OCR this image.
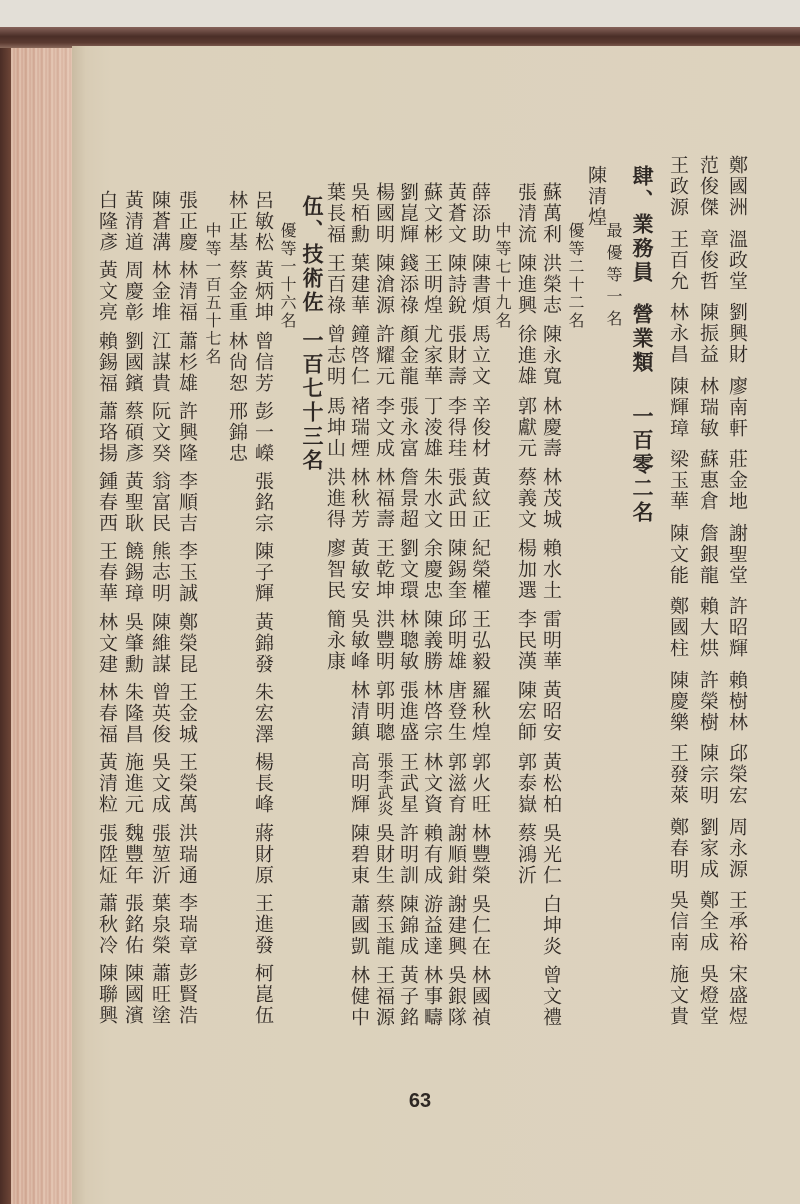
鄭國洲
溫政堂
劉興財
廖南軒
莊金地
謝聖堂
許昭輝
賴樹林
邱榮宏
周永源
王承裕
宋盛煜
范俊傑
章俊哲
陳振益
林瑞敏
蘇惠倉
詹銀龍
賴大烘
許榮樹
陳宗明
劉家成
鄭全成
吳燈堂
王政源
王百允
林永昌
陳輝璋
梁玉華
陳文能
鄭國柱
陳慶樂
王發萊
鄭春明
吳信南
施文貴
肆、業務員
營業類
一百零二名
最優等一名
陳清煌
優等二十二名
蘇萬利
洪榮志
陳永寬
林慶壽
林茂城
賴水土
雷明華
黃昭安
黃松柏
吳光仁
白坤炎
曾文禮
張清流
陳進興
徐進雄
郭獻元
蔡義文
楊加選
李民漢
陳宏師
郭泰嶽
蔡鴻沂
中等七十九名
薛添助
陳書煩
馬立文
辛俊材
黃紋正
紀榮權
王弘毅
羅秋煌
郭火旺
林豐榮
吳仁在
林國禎
黃蒼文
陳詩銳
張財壽
李得珪
張武田
陳錫奎
邱明雄
唐登生
郭滋育
謝順鉗
謝建興
吳銀隊
蘇文彬
王明煌
尤家華
丁淩雄
朱水文
余慶忠
陳義勝
林啓宗
林文資
賴有成
游益達
林事疇
劉崑輝
錢添祿
顏金龍
張永富
詹景超
劉文環
林聰敏
張進盛
王武星
許明訓
陳錦成
黃子銘
楊國明
陳滄源
許耀元
李文成
林福壽
王乾坤
洪豐明
郭明聰
張李武炎
吳財生
蔡玉龍
王福源
吳栢勳
葉建華
鐘啓仁
褚瑞煙
林秋芳
黃敏安
吳敏峰
林清鎮
高明輝
陳碧東
蕭國凱
林健中
葉長福
王百祿
曾志明
馬坤山
洪進得
廖智民
簡永康
伍、技術佐
一百七十三名
優等一十六名
呂敏松
黃炳坤
曾信芳
彭一嶸
張銘宗
陳子輝
黃錦發
朱宏澤
楊長峰
蔣財原
王進發
柯崑伍
林正基
蔡金重
林尙恕
邢錦忠
中等一百五十七名
張正慶
林清福
蕭杉雄
許興隆
李順吉
李玉誠
鄭榮昆
王金城
王榮萬
洪瑞通
李瑞章
彭賢浩
陳蒼溝
林金堆
江謀貴
阮文癸
翁富民
熊志明
陳維謀
曾英俊
吳文成
張堃沂
葉泉榮
蕭旺塗
黃清道
周慶彰
劉國鑌
蔡碩彥
黃聖耿
饒錫璋
吳肇勳
朱隆昌
施進元
魏豐年
張銘佑
陳國濱
白隆彥
黃文亮
賴錫福
蕭珞揚
鍾春西
王春華
林文建
林春福
黃清粒
張陞炡
蕭秋冷
陳聯興
63
